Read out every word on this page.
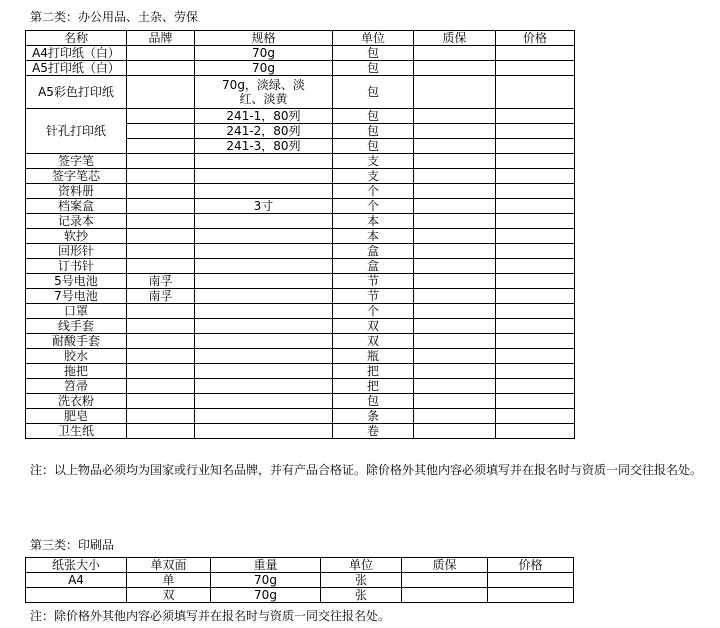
第二类：办公用品、土杂、劳保
名称	品牌	规格	单位	质保	价格
A4打印纸（白）		70g	包		
A5打印纸（白）		70g	包		
A5彩色打印纸		70g，淡绿、淡红、淡黄	包		
针孔打印纸		241-1，80列	包		
		241-2，80列	包		
		241-3，80列	包		
签字笔			支		
签字笔芯			支		
资料册			个		
档案盒		3寸	个		
记录本			本		
软抄			本		
回形针			盒		
订书针			盒		
5号电池	南孚		节		
7号电池	南孚		节		
口罩			个		
线手套			双		
耐酸手套			双		
胶水			瓶		
拖把			把		
笤帚			把		
洗衣粉			包		
肥皂			条		
卫生纸			卷		
注：以上物品必须均为国家或行业知名品牌，并有产品合格证。除价格外其他内容必须填写并在报名时与资质一同交往报名处。
第三类：印刷品
纸张大小	单双面	重量	单位	质保	价格
A4	单	70g	张		
	双	70g	张		
注：除价格外其他内容必须填写并在报名时与资质一同交往报名处。
